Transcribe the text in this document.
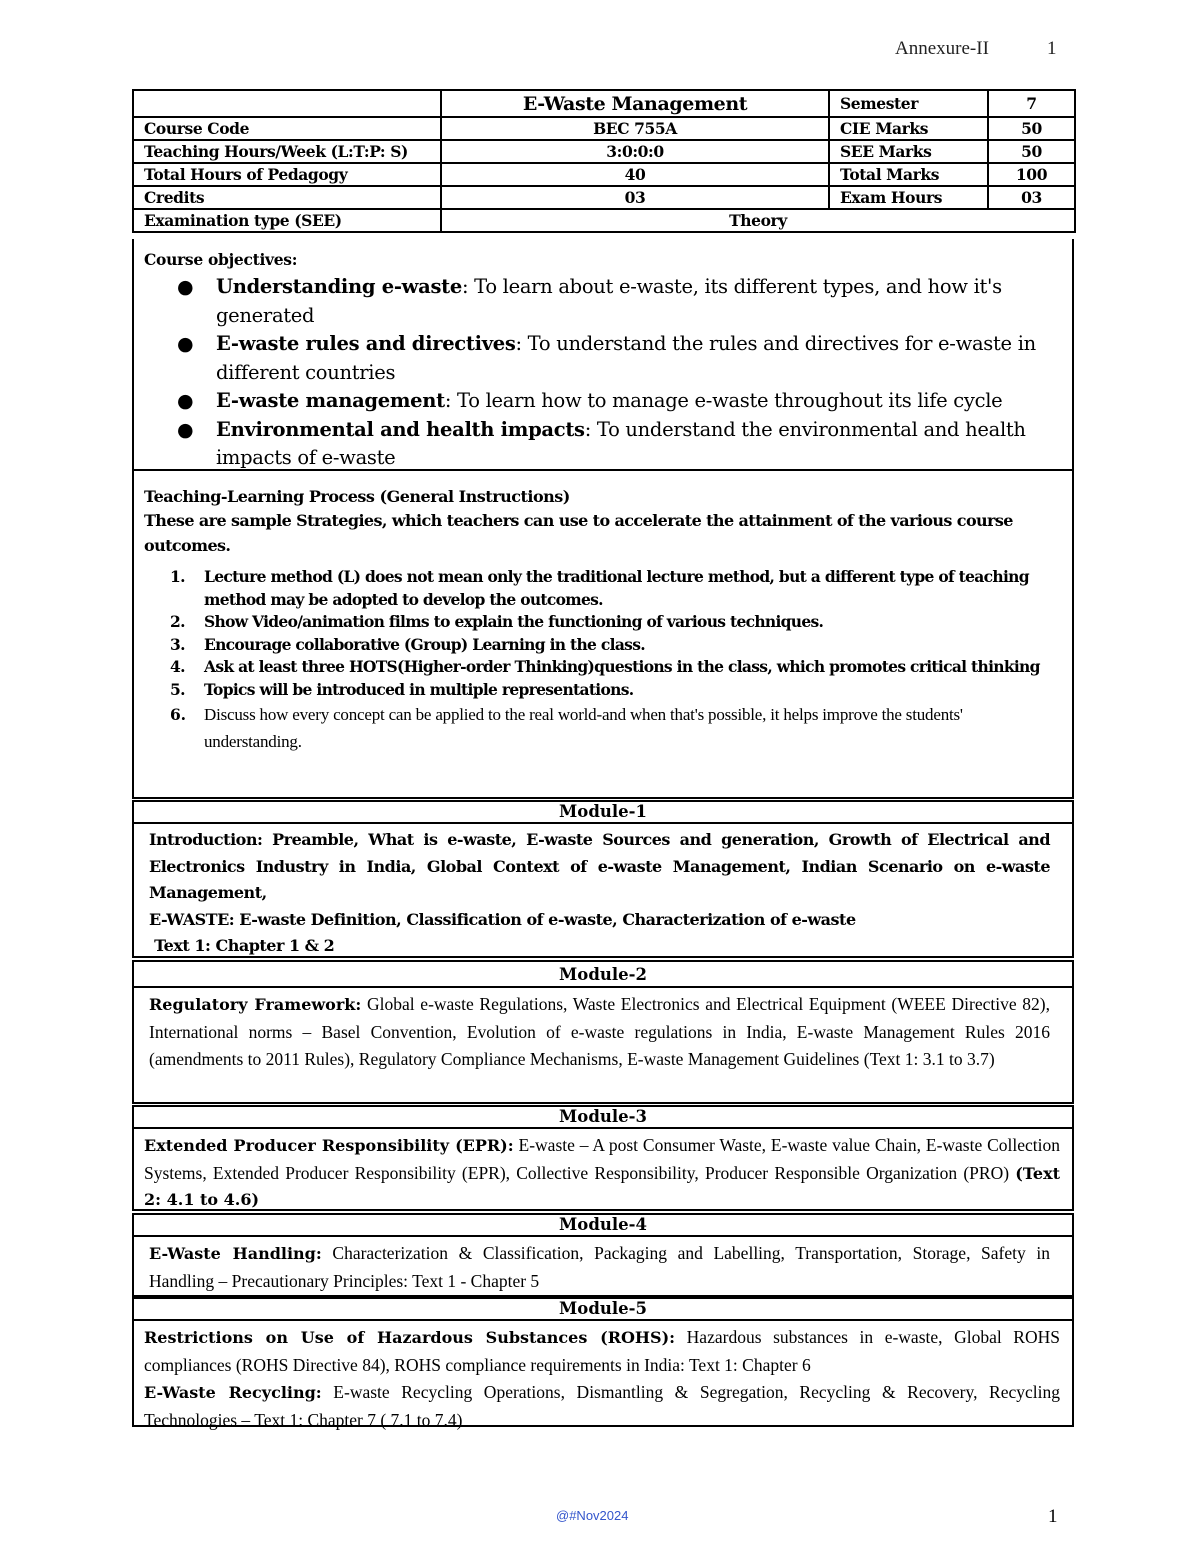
Annexure-II	1
	E-Waste Management	Semester	7
Course Code	BEC 755A	CIE Marks	50
Teaching Hours/Week (L:T:P: S)	3:0:0:0	SEE Marks	50
Total Hours of Pedagogy	40	Total Marks	100
Credits	03	Exam Hours	03
Examination type (SEE)	Theory		
Course objectives:
● Understanding e-waste: To learn about e-waste, its different types, and how it's generated
● E-waste rules and directives: To understand the rules and directives for e-waste in different countries
● E-waste management: To learn how to manage e-waste throughout its life cycle
● Environmental and health impacts: To understand the environmental and health impacts of e-waste
Teaching-Learning Process (General Instructions)
These are sample Strategies, which teachers can use to accelerate the attainment of the various course outcomes.
1. Lecture method (L) does not mean only the traditional lecture method, but a different type of teaching method may be adopted to develop the outcomes.
2. Show Video/animation films to explain the functioning of various techniques.
3. Encourage collaborative (Group) Learning in the class.
4. Ask at least three HOTS(Higher-order Thinking)questions in the class, which promotes critical thinking
5. Topics will be introduced in multiple representations.
6. Discuss how every concept can be applied to the real world-and when that's possible, it helps improve the students' understanding.
Module-1
Introduction: Preamble, What is e-waste, E-waste Sources and generation, Growth of Electrical and Electronics Industry in India, Global Context of e-waste Management, Indian Scenario on e-waste Management,
E-WASTE: E-waste Definition, Classification of e-waste, Characterization of e-waste
Text 1: Chapter 1 & 2
Module-2
Regulatory Framework: Global e-waste Regulations, Waste Electronics and Electrical Equipment (WEEE Directive 82), International norms – Basel Convention, Evolution of e-waste regulations in India, E-waste Management Rules 2016 (amendments to 2011 Rules), Regulatory Compliance Mechanisms, E-waste Management Guidelines (Text 1: 3.1 to 3.7)
Module-3
Extended Producer Responsibility (EPR): E-waste – A post Consumer Waste, E-waste value Chain, E-waste Collection Systems, Extended Producer Responsibility (EPR), Collective Responsibility, Producer Responsible Organization (PRO) (Text 2: 4.1 to 4.6)
Module-4
E-Waste Handling: Characterization & Classification, Packaging and Labelling, Transportation, Storage, Safety in Handling – Precautionary Principles: Text 1 - Chapter 5
Module-5
Restrictions on Use of Hazardous Substances (ROHS): Hazardous substances in e-waste, Global ROHS compliances (ROHS Directive 84), ROHS compliance requirements in India: Text 1: Chapter 6
E-Waste Recycling: E-waste Recycling Operations, Dismantling & Segregation, Recycling & Recovery, Recycling Technologies – Text 1: Chapter 7 ( 7.1 to 7.4)
@#Nov2024	1
